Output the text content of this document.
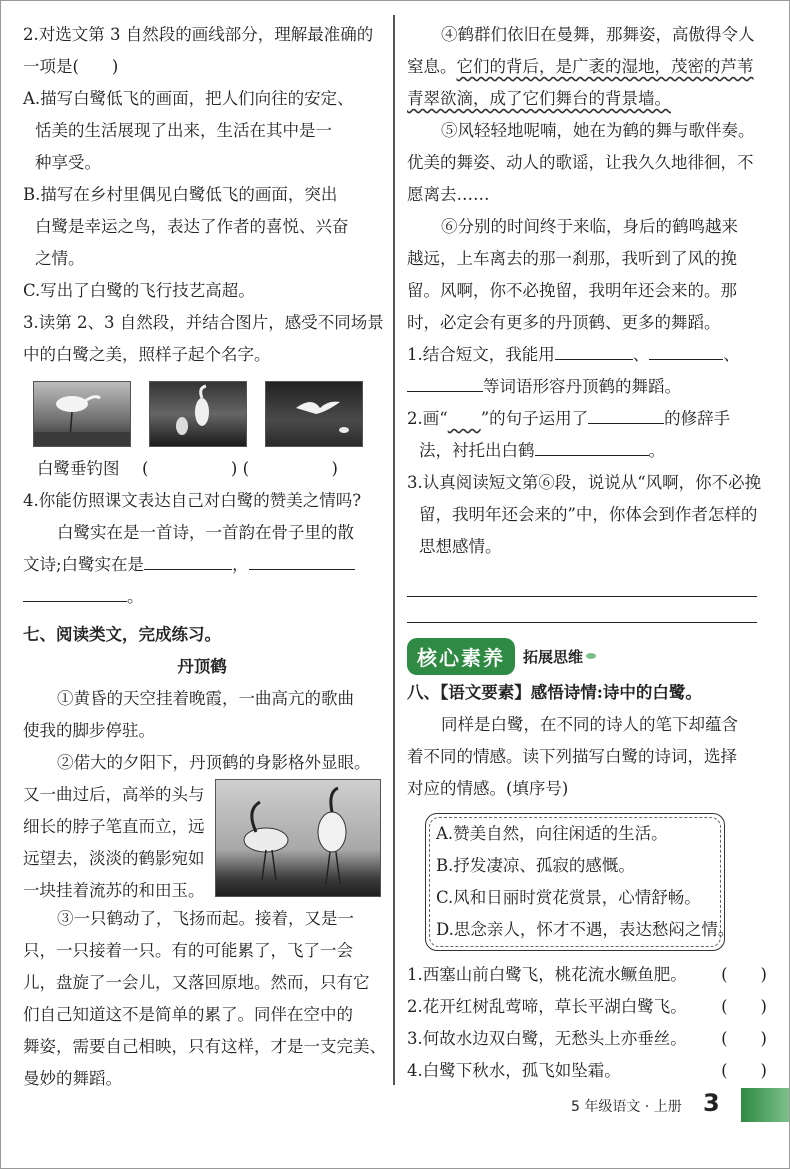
2.对选文第 3 自然段的画线部分，理解最准确的
一项是(　　)
A.描写白鹭低飞的画面，把人们向往的安定、
恬美的生活展现了出来，生活在其中是一
种享受。
B.描写在乡村里偶见白鹭低飞的画面，突出
白鹭是幸运之鸟，表达了作者的喜悦、兴奋
之情。
C.写出了白鹭的飞行技艺高超。
3.读第 2、3 自然段，并结合图片，感受不同场景
中的白鹭之美，照样子起个名字。
白鹭垂钓图 (　　　　　) (　　　　　)
4.你能仿照课文表达自己对白鹭的赞美之情吗?
白鹭实在是一首诗，一首韵在骨子里的散
文诗;白鹭实在是	，
。
七、阅读类文，完成练习。
丹顶鹤
①黄昏的天空挂着晚霞，一曲高亢的歌曲
使我的脚步停驻。
②偌大的夕阳下，丹顶鹤的身影格外显眼。
又一曲过后，高举的头与
细长的脖子笔直而立，远
远望去，淡淡的鹤影宛如
一块挂着流苏的和田玉。
③一只鹤动了，飞扬而起。接着，又是一
只，一只接着一只。有的可能累了，飞了一会
儿，盘旋了一会儿，又落回原地。然而，只有它
们自己知道这不是简单的累了。同伴在空中的
舞姿，需要自己相映，只有这样，才是一支完美、
曼妙的舞蹈。
④鹤群们依旧在曼舞，那舞姿，高傲得令人
窒息。它们的背后，是广袤的湿地，茂密的芦苇
青翠欲滴，成了它们舞台的背景墙。
⑤风轻轻地呢喃，她在为鹤的舞与歌伴奏。
优美的舞姿、动人的歌谣，让我久久地徘徊，不
愿离去……
⑥分别的时间终于来临，身后的鹤鸣越来
越远，上车离去的那一刹那，我听到了风的挽
留。风啊，你不必挽留，我明年还会来的。那
时，必定会有更多的丹顶鹤、更多的舞蹈。
1.结合短文，我能用	、	、
等词语形容丹顶鹤的舞蹈。
2.画“　　 ”的句子运用了	的修辞手
法，衬托出白鹤	。
3.认真阅读短文第⑥段，说说从“风啊，你不必挽
留，我明年还会来的”中，你体会到作者怎样的
思想感情。
核心素养	拓展思维
八、【语文要素】感悟诗情:诗中的白鹭。
同样是白鹭，在不同的诗人的笔下却蕴含
着不同的情感。读下列描写白鹭的诗词，选择
对应的情感。(填序号)
A.赞美自然，向往闲适的生活。
B.抒发凄凉、孤寂的感慨。
C.风和日丽时赏花赏景，心情舒畅。
D.思念亲人，怀才不遇，表达愁闷之情。
1.西塞山前白鹭飞，桃花流水鳜鱼肥。 (　　)
2.花开红树乱莺啼，草长平湖白鹭飞。 (　　)
3.何故水边双白鹭，无愁头上亦垂丝。 (　　)
4.白鹭下秋水，孤飞如坠霜。	(　　)
5 年级语文 · 上册 3
